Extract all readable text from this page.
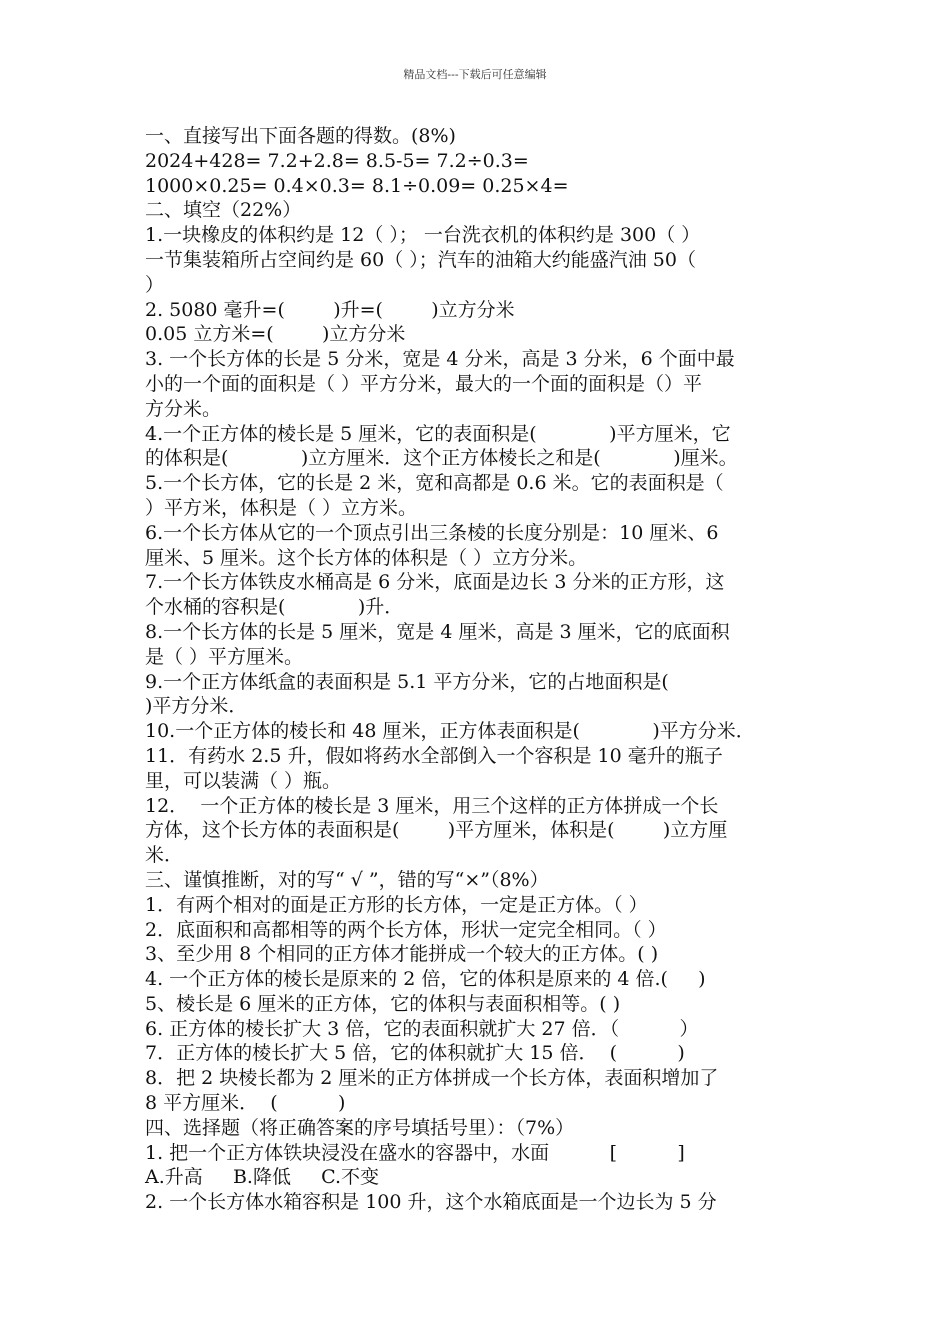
精品文档---下载后可任意编辑
一、直接写出下面各题的得数。(8%)
2024+428= 7.2+2.8= 8.5-5= 7.2÷0.3=
1000×0.25= 0.4×0.3= 8.1÷0.09= 0.25×4=
二、填空（22%）
1.一块橡皮的体积约是 12（ ）； 一台洗衣机的体积约是 300（ ）
一节集装箱所占空间约是 60（ ）；汽车的油箱大约能盛汽油 50（
）
2. 5080 毫升=(        )升=(        )立方分米
0.05 立方米=(        )立方分米
3. 一个长方体的长是 5 分米，宽是 4 分米，高是 3 分米，6 个面中最
小的一个面的面积是（ ）平方分米，最大的一个面的面积是（）平
方分米。
4.一个正方体的棱长是 5 厘米，它的表面积是(            )平方厘米，它
的体积是(            )立方厘米．这个正方体棱长之和是(            )厘米。
5.一个长方体，它的长是 2 米，宽和高都是 0.6 米。它的表面积是（
）平方米，体积是（ ）立方米。
6.一个长方体从它的一个顶点引出三条棱的长度分别是：10 厘米、6
厘米、5 厘米。这个长方体的体积是（ ）立方分米。
7.一个长方体铁皮水桶高是 6 分米，底面是边长 3 分米的正方形，这
个水桶的容积是(            )升．
8.一个长方体的长是 5 厘米，宽是 4 厘米，高是 3 厘米，它的底面积
是（ ）平方厘米。
9.一个正方体纸盒的表面积是 5.1 平方分米，它的占地面积是(
)平方分米．
10.一个正方体的棱长和 48 厘米，正方体表面积是(            )平方分米．
11．有药水 2.5 升，假如将药水全部倒入一个容积是 10 毫升的瓶子
里，可以装满（ ）瓶。
12．  一个正方体的棱长是 3 厘米，用三个这样的正方体拼成一个长
方体，这个长方体的表面积是(        )平方厘米，体积是(        )立方厘
米．
三、谨慎推断，对的写“ √ ”，错的写“×”（8%）
1．有两个相对的面是正方形的长方体，一定是正方体。（ ）
2．底面积和高都相等的两个长方体，形状一定完全相同。（ ）
3、至少用 8 个相同的正方体才能拼成一个较大的正方体。( )
4. 一个正方体的棱长是原来的 2 倍，它的体积是原来的 4 倍.(     )
5、棱长是 6 厘米的正方体，它的体积与表面积相等。( )
6. 正方体的棱长扩大 3 倍，它的表面积就扩大 27 倍．（          ）
7．正方体的棱长扩大 5 倍，它的体积就扩大 15 倍．  (          )
8．把 2 块棱长都为 2 厘米的正方体拼成一个长方体，表面积增加了
8 平方厘米．  (          )
四、选择题（将正确答案的序号填括号里）：（7%）
1. 把一个正方体铁块浸没在盛水的容器中，水面          [          ]
A.升高     B.降低     C.不变
2. 一个长方体水箱容积是 100 升，这个水箱底面是一个边长为 5 分
